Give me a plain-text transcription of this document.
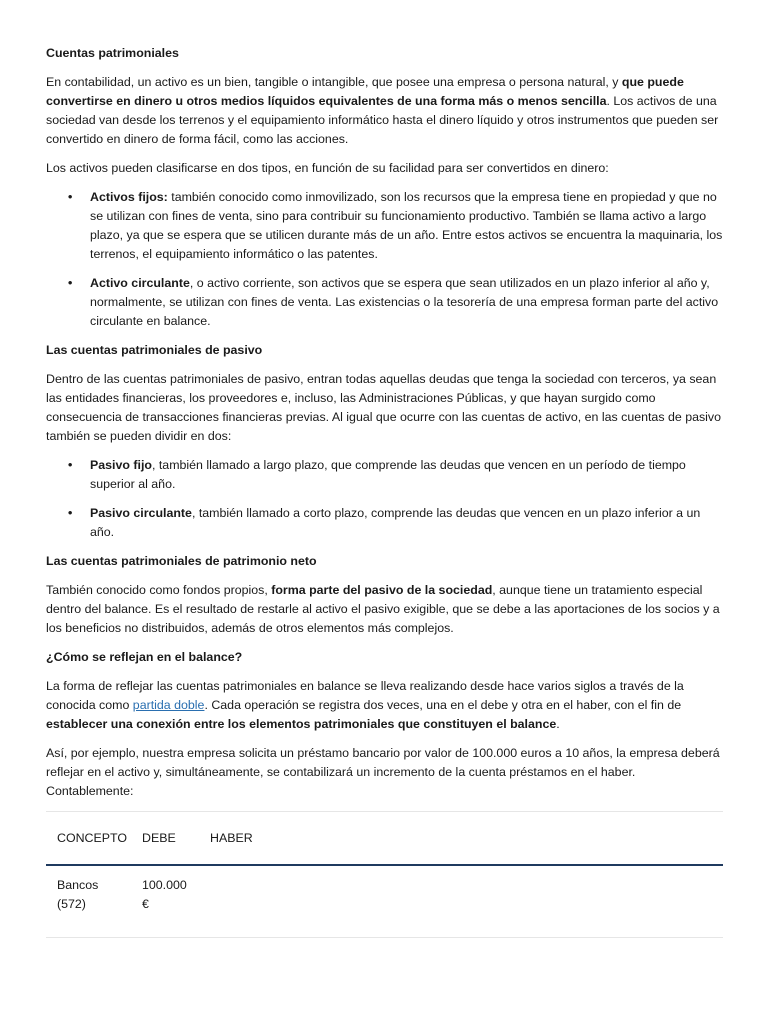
Cuentas patrimoniales

En contabilidad, un activo es un bien, tangible o intangible, que posee una empresa o persona natural, y que puede convertirse en dinero u otros medios líquidos equivalentes de una forma más o menos sencilla. Los activos de una sociedad van desde los terrenos y el equipamiento informático hasta el dinero líquido y otros instrumentos que pueden ser convertido en dinero de forma fácil, como las acciones.

Los activos pueden clasificarse en dos tipos, en función de su facilidad para ser convertidos en dinero:

• Activos fijos: también conocido como inmovilizado, son los recursos que la empresa tiene en propiedad y que no se utilizan con fines de venta, sino para contribuir su funcionamiento productivo. También se llama activo a largo plazo, ya que se espera que se utilicen durante más de un año. Entre estos activos se encuentra la maquinaria, los terrenos, el equipamiento informático o las patentes.
• Activo circulante, o activo corriente, son activos que se espera que sean utilizados en un plazo inferior al año y, normalmente, se utilizan con fines de venta. Las existencias o la tesorería de una empresa forman parte del activo circulante en balance.
Las cuentas patrimoniales de pasivo

Dentro de las cuentas patrimoniales de pasivo, entran todas aquellas deudas que tenga la sociedad con terceros, ya sean las entidades financieras, los proveedores e, incluso, las Administraciones Públicas, y que hayan surgido como consecuencia de transacciones financieras previas. Al igual que ocurre con las cuentas de activo, en las cuentas de pasivo también se pueden dividir en dos:

• Pasivo fijo, también llamado a largo plazo, que comprende las deudas que vencen en un período de tiempo superior al año.
• Pasivo circulante, también llamado a corto plazo, comprende las deudas que vencen en un plazo inferior a un año.
Las cuentas patrimoniales de patrimonio neto

También conocido como fondos propios, forma parte del pasivo de la sociedad, aunque tiene un tratamiento especial dentro del balance. Es el resultado de restarle al activo el pasivo exigible, que se debe a las aportaciones de los socios y a los beneficios no distribuidos, además de otros elementos más complejos.

¿Cómo se reflejan en el balance?

La forma de reflejar las cuentas patrimoniales en balance se lleva realizando desde hace varios siglos a través de la conocida como partida doble. Cada operación se registra dos veces, una en el debe y otra en el haber, con el fin de establecer una conexión entre los elementos patrimoniales que constituyen el balance.

Así, por ejemplo, nuestra empresa solicita un préstamo bancario por valor de 100.000 euros a 10 años, la empresa deberá reflejar en el activo y, simultáneamente, se contabilizará un incremento de la cuenta préstamos en el haber. Contablemente:

CONCEPTO	DEBE	HABER
Bancos (572)
100.000 €
